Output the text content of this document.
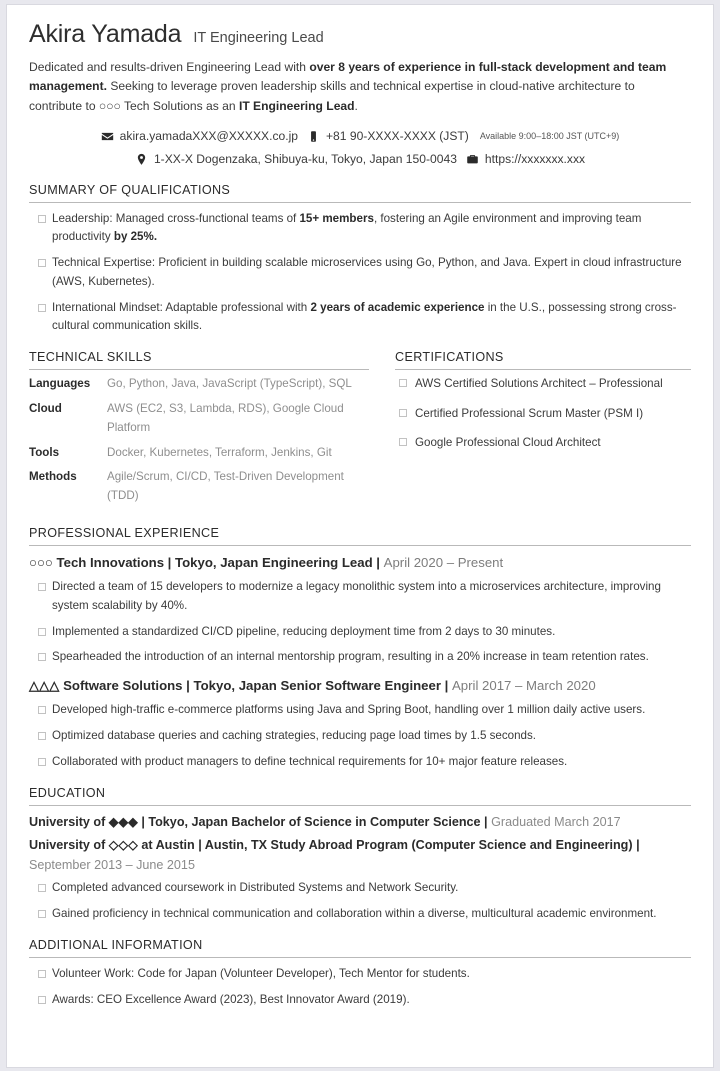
Akira Yamada IT Engineering Lead

Dedicated and results-driven Engineering Lead with over 8 years of experience in full-stack development and team management. Seeking to leverage proven leadership skills and technical expertise in cloud-native architecture to contribute to ○○○ Tech Solutions as an IT Engineering Lead.

akira.yamadaXXX@XXXXX.co.jp +81 90-XXXX-XXXX (JST) Available 9:00–18:00 JST (UTC+9)
1-XX-X Dogenzaka, Shibuya-ku, Tokyo, Japan 150-0043 https://xxxxxxx.xxx
SUMMARY OF QUALIFICATIONS
Leadership: Managed cross-functional teams of 15+ members, fostering an Agile environment and improving team productivity by 25%.
Technical Expertise: Proficient in building scalable microservices using Go, Python, and Java. Expert in cloud infrastructure (AWS, Kubernetes).
International Mindset: Adaptable professional with 2 years of academic experience in the U.S., possessing strong cross-cultural communication skills.
TECHNICAL SKILLS
Languages	Go, Python, Java, JavaScript (TypeScript), SQL
Cloud	AWS (EC2, S3, Lambda, RDS), Google Cloud Platform
Tools	Docker, Kubernetes, Terraform, Jenkins, Git
Methods	Agile/Scrum, CI/CD, Test-Driven Development (TDD)
CERTIFICATIONS
AWS Certified Solutions Architect – Professional
Certified Professional Scrum Master (PSM I)
Google Professional Cloud Architect
PROFESSIONAL EXPERIENCE
○○○ Tech Innovations | Tokyo, Japan Engineering Lead | April 2020 – Present
Directed a team of 15 developers to modernize a legacy monolithic system into a microservices architecture, improving system scalability by 40%.
Implemented a standardized CI/CD pipeline, reducing deployment time from 2 days to 30 minutes.
Spearheaded the introduction of an internal mentorship program, resulting in a 20% increase in team retention rates.
△△△ Software Solutions | Tokyo, Japan Senior Software Engineer | April 2017 – March 2020
Developed high-traffic e-commerce platforms using Java and Spring Boot, handling over 1 million daily active users.
Optimized database queries and caching strategies, reducing page load times by 1.5 seconds.
Collaborated with product managers to define technical requirements for 10+ major feature releases.
EDUCATION
University of ◆◆◆ | Tokyo, Japan Bachelor of Science in Computer Science | Graduated March 2017
University of ◇◇◇ at Austin | Austin, TX Study Abroad Program (Computer Science and Engineering) | September 2013 – June 2015
Completed advanced coursework in Distributed Systems and Network Security.
Gained proficiency in technical communication and collaboration within a diverse, multicultural academic environment.
ADDITIONAL INFORMATION
Volunteer Work: Code for Japan (Volunteer Developer), Tech Mentor for students.
Awards: CEO Excellence Award (2023), Best Innovator Award (2019).
